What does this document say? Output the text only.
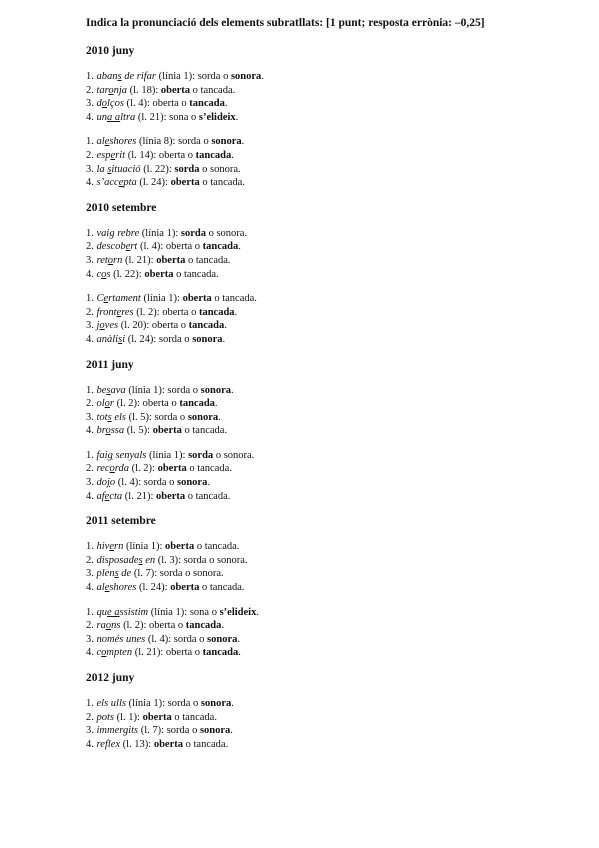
Indica la pronunciació dels elements subratllats: [1 punt; resposta errònia: –0,25]
2010 juny
1. abans de rifar (línia 1): sorda o sonora.
2. taronja (l. 18): oberta o tancada.
3. dolços (l. 4): oberta o tancada.
4. una altra (l. 21): sona o s’elideix.
1. aleshores (línia 8): sorda o sonora.
2. esperit (l. 14): oberta o tancada.
3. la situació (l. 22): sorda o sonora.
4. s’accepta (l. 24): oberta o tancada.
2010 setembre
1. vaig rebre (línia 1): sorda o sonora.
2. descobert (l. 4): oberta o tancada.
3. retorn (l. 21): oberta o tancada.
4. cos (l. 22): oberta o tancada.
1. Certament (línia 1): oberta o tancada.
2. fronteres (l. 2): oberta o tancada.
3. joves (l. 20): oberta o tancada.
4. anàlisi (l. 24): sorda o sonora.
2011 juny
1. besava (línia 1): sorda o sonora.
2. olor (l. 2): oberta o tancada.
3. tots els (l. 5): sorda o sonora.
4. brossa (l. 5): oberta o tancada.
1. faig senyals (línia 1): sorda o sonora.
2. recorda (l. 2): oberta o tancada.
3. dojo (l. 4): sorda o sonora.
4. afecta (l. 21): oberta o tancada.
2011 setembre
1. hivern (línia 1): oberta o tancada.
2. disposades en (l. 3): sorda o sonora.
3. plens de (l. 7): sorda o sonora.
4. aleshores (l. 24): oberta o tancada.
1. que assistim (línia 1): sona o s’elideix.
2. raons (l. 2): oberta o tancada.
3. només unes (l. 4): sorda o sonora.
4. compten (l. 21): oberta o tancada.
2012 juny
1. els ulls (línia 1): sorda o sonora.
2. pots (l. 1): oberta o tancada.
3. immergits (l. 7): sorda o sonora.
4. reflex (l. 13): oberta o tancada.
